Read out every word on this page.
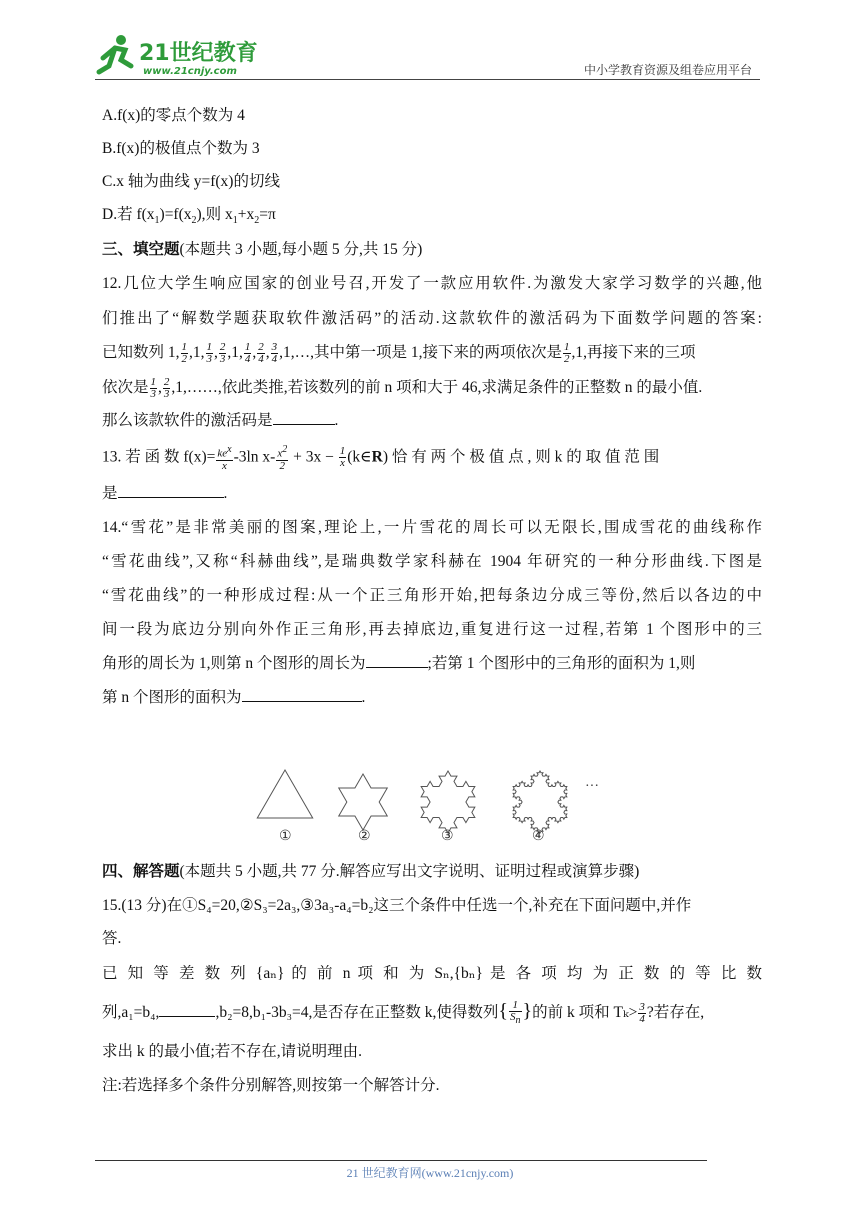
21世纪教育
www.21cnjy.com	中小学教育资源及组卷应用平台
A.f(x)的零点个数为 4
B.f(x)的极值点个数为 3
C.x 轴为曲线 y=f(x)的切线
D.若 $f(x_1)=f(x_2)$,则 $x_1+x_2=\pi$
三、填空题(本题共 3 小题,每小题 5 分,共 15 分)
12.几位大学生响应国家的创业号召,开发了一款应用软件.为激发大家学习数学的兴趣,他
们推出了“解数学题获取软件激活码”的活动.这款软件的激活码为下面数学问题的答案:
已知数列 1, $\frac{1}{2} ,1$, $\frac{1}{3}$ , $\frac{2}{3} ,1$, $\frac{1}{4}$ , $\frac{2}{4}$ , $\frac{3}{4}$ ,1,…,其中第一项是 1,接下来的两项依次是 $\frac{1}{2} ,1$,再接下来的三项
依次是 $\frac{1}{3}$ , $\frac{2}{3}$ ,1,……,依此类推,若该数列的前 n 项和大于 46,求满足条件的正整数 n 的最小值.
那么该款软件的激活码是	.
13. 若 函 数 $f(x)= \frac{ke^x}{x} -3\ln$ $x- \frac{x^2}{2} + 3x - \frac{1}{x}$ (k∈R) 恰 有 两 个 极 值 点 , 则 k 的 取 值 范 围
是	.
14.“雪花”是非常美丽的图案,理论上,一片雪花的周长可以无限长,围成雪花的曲线称作
“雪花曲线”,又称“科赫曲线”,是瑞典数学家科赫在 1904 年研究的一种分形曲线.下图是
“雪花曲线”的一种形成过程:从一个正三角形开始,把每条边分成三等份,然后以各边的中
间一段为底边分别向外作正三角形,再去掉底边,重复进行这一过程,若第 1 个图形中的三
角形的周长为 1,则第 n 个图形的周长为	;若第 1 个图形中的三角形的面积为 1,则
第 n 个图形的面积为	.
四、解答题(本题共 5 小题,共 77 分.解答应写出文字说明、证明过程或演算步骤)
15.(13 分)在①S₄=20,②S₃=2a₃,③3a₃-a₄=b₂这三个条件中任选一个,补充在下面问题中,并作
答.
已 知 等 差 数 列 {aₙ} 的 前 n 项 和 为 Sₙ,{bₙ} 是 各 项 均 为 正 数 的 等 比 数
列,a₁=b₄,	,b₂=8,b₁-3b₃=4,是否存在正整数 k,使得数列{ $\frac{1}{S_n}$ }的前 k 项和 $T_k> \frac{3}{4}$ ?若存在,
求出 k 的最小值;若不存在,请说明理由.
注:若选择多个条件分别解答,则按第一个解答计分.
···
①	②	③	④
21 世纪教育网(www.21cnjy.com)
